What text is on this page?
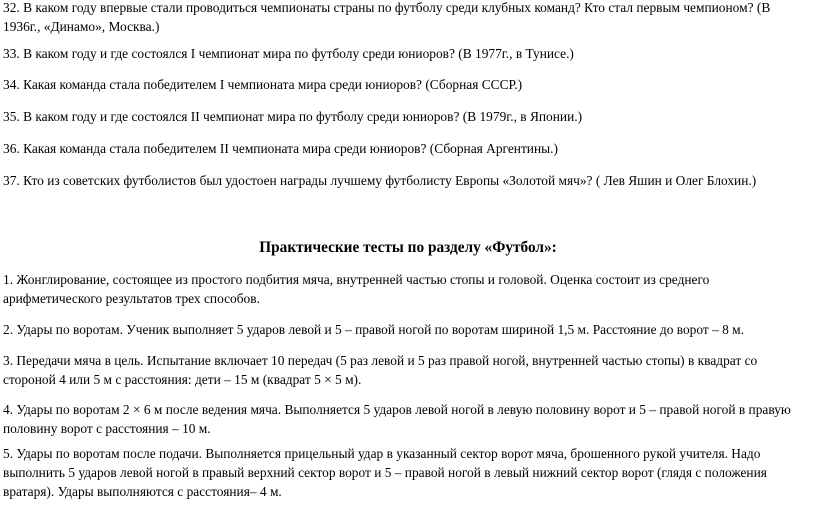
32. В каком году впервые стали проводиться чемпионаты страны по футболу среди клубных команд? Кто стал первым чемпионом? (В 1936г., «Динамо», Москва.)
33. В каком году и где состоялся I чемпионат мира по футболу среди юниоров? (В 1977г., в Тунисе.)
34. Какая команда стала победителем I чемпионата мира среди юниоров? (Сборная СССР.)
35. В каком году и где состоялся II чемпионат мира по футболу среди юниоров? (В 1979г., в Японии.)
36. Какая команда стала победителем II чемпионата мира среди юниоров? (Сборная Аргентины.)
37. Кто из советских футболистов был удостоен награды лучшему футболисту Европы «Золотой мяч»? ( Лев Яшин и Олег Блохин.)
Практические тесты по разделу «Футбол»:
1. Жонглирование, состоящее из простого подбития мяча, внутренней частью стопы и головой. Оценка состоит из среднего арифметического результатов трех способов.
2. Удары по воротам. Ученик выполняет 5 ударов левой и 5 – правой ногой по воротам шириной 1,5 м. Расстояние до ворот – 8 м.
3. Передачи мяча в цель. Испытание включает 10 передач (5 раз левой и 5 раз правой ногой, внутренней частью стопы) в квадрат со стороной 4 или 5 м с расстояния: дети – 15 м (квадрат 5 × 5 м).
4. Удары по воротам 2 × 6 м после ведения мяча. Выполняется 5 ударов левой ногой в левую половину ворот и 5 – правой ногой в правую половину ворот с расстояния – 10 м.
5. Удары по воротам после подачи. Выполняется прицельный удар в указанный сектор ворот мяча, брошенного рукой учителя. Надо выполнить 5 ударов левой ногой в правый верхний сектор ворот и 5 – правой ногой в левый нижний сектор ворот (глядя с положения вратаря). Удары выполняются с расстояния– 4 м.
